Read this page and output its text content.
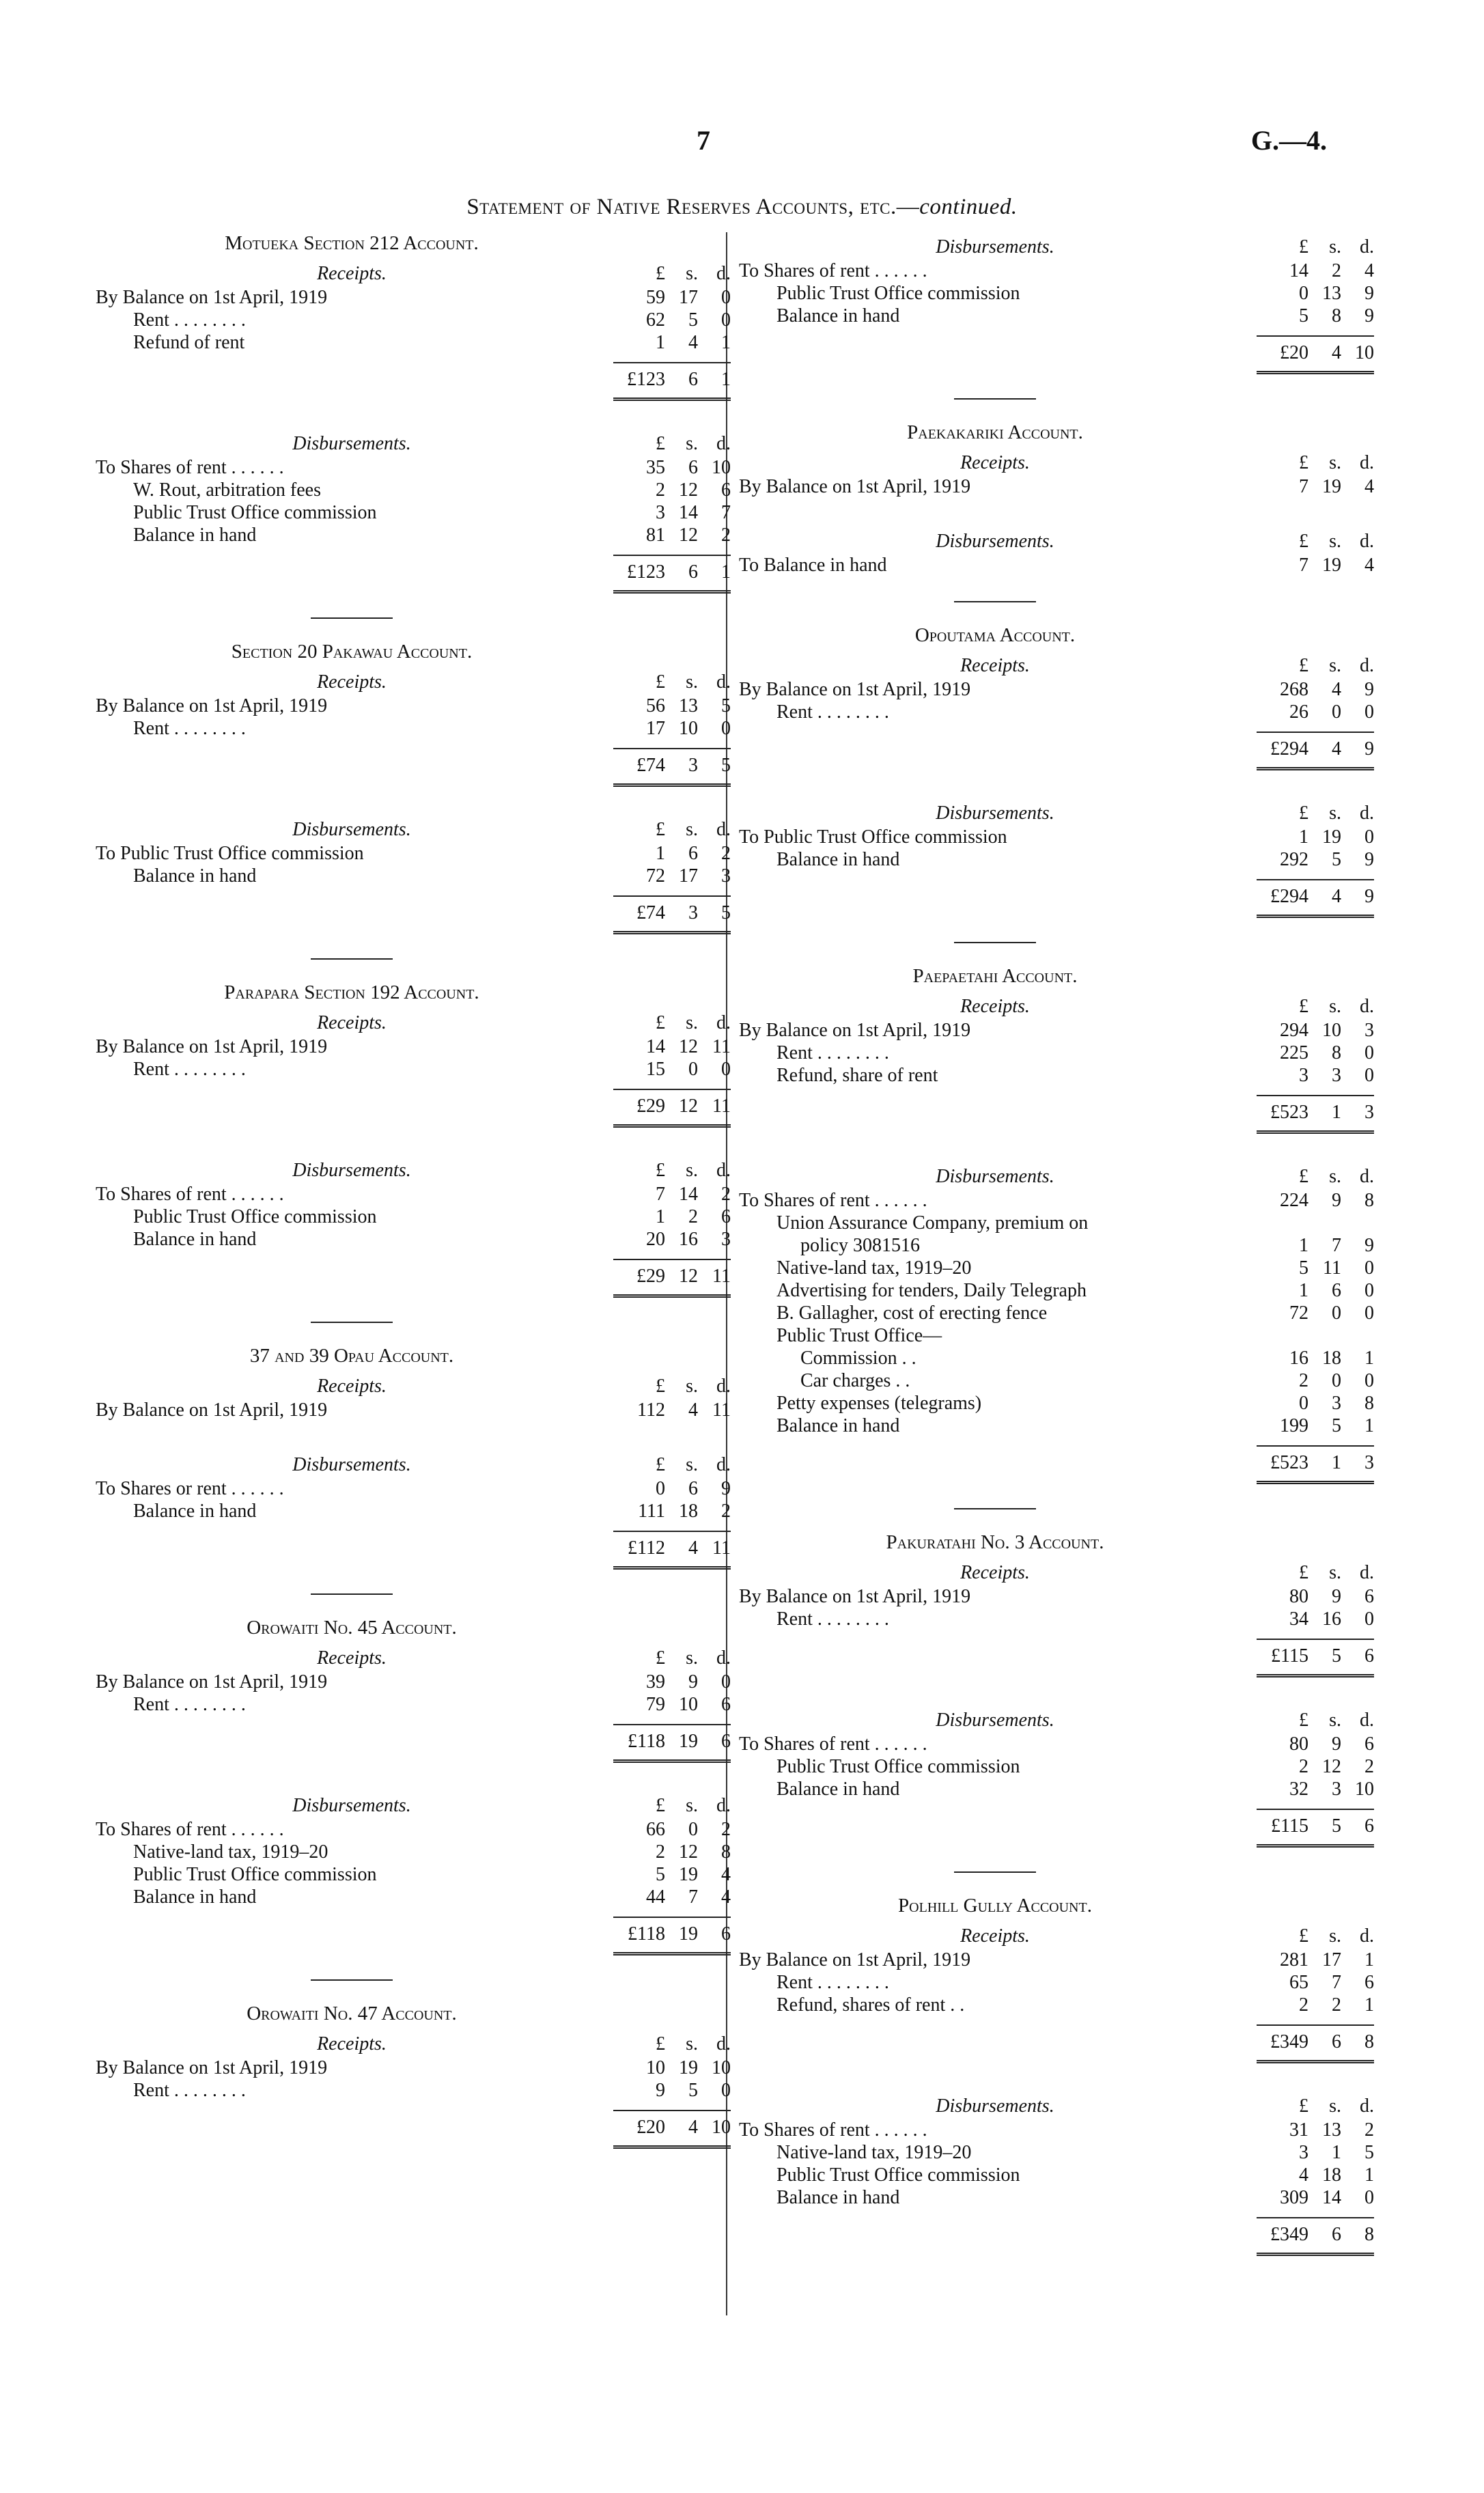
7	G.—4.
Statement of Native Reserves Accounts, etc.—continued.
Motueka Section 212 Account.
Receipts.	£ s. d.
By Balance on 1st April, 1919	59 17 0
Rent . . . . . . . .	62 5 0
Refund of rent	1 4 1
£123 6 1
Disbursements.	£ s. d.
To Shares of rent . . . . . .	35 6 10
W. Rout, arbitration fees	2 12 6
Public Trust Office commission	3 14 7
Balance in hand	81 12 2
£123 6 1
Section 20 Pakawau Account.
Receipts.	£ s. d.
By Balance on 1st April, 1919	56 13 5
Rent . . . . . . . .	17 10 0
£74 3 5
Disbursements.	£ s. d.
To Public Trust Office commission	1 6 2
Balance in hand	72 17 3
£74 3 5
Parapara Section 192 Account.
Receipts.	£ s. d.
By Balance on 1st April, 1919	14 12 11
Rent . . . . . . . .	15 0 0
£29 12 11
Disbursements.	£ s. d.
To Shares of rent . . . . . .	7 14 2
Public Trust Office commission	1 2 6
Balance in hand	20 16 3
£29 12 11
37 and 39 Opau Account.
Receipts.	£ s. d.
By Balance on 1st April, 1919	112 4 11
Disbursements.	£ s. d.
To Shares or rent . . . . . .	0 6 9
Balance in hand	111 18 2
£112 4 11
Orowaiti No. 45 Account.
Receipts.	£ s. d.
By Balance on 1st April, 1919	39 9 0
Rent . . . . . . . .	79 10 6
£118 19 6
Disbursements.	£ s. d.
To Shares of rent . . . . . .	66 0 2
Native-land tax, 1919–20	2 12 8
Public Trust Office commission	5 19 4
Balance in hand	44 7 4
£118 19 6
Orowaiti No. 47 Account.
Receipts.	£ s. d.
By Balance on 1st April, 1919	10 19 10
Rent . . . . . . . .	9 5 0
£20 4 10
Disbursements.	£ s. d.
To Shares of rent . . . . . .	14 2 4
Public Trust Office commission	0 13 9
Balance in hand	5 8 9
£20 4 10
Paekakariki Account.
Receipts.	£ s. d.
By Balance on 1st April, 1919	7 19 4
Disbursements.	£ s. d.
To Balance in hand	7 19 4
Opoutama Account.
Receipts.	£ s. d.
By Balance on 1st April, 1919	268 4 9
Rent . . . . . . . .	26 0 0
£294 4 9
Disbursements.	£ s. d.
To Public Trust Office commission	1 19 0
Balance in hand	292 5 9
£294 4 9
Paepaetahi Account.
Receipts.	£ s. d.
By Balance on 1st April, 1919	294 10 3
Rent . . . . . . . .	225 8 0
Refund, share of rent	3 3 0
£523 1 3
Disbursements.	£ s. d.
To Shares of rent . . . . . .	224 9 8
Union Assurance Company, premium on
policy 3081516	1 7 9
Native-land tax, 1919–20	5 11 0
Advertising for tenders, Daily Telegraph	1 6 0
B. Gallagher, cost of erecting fence	72 0 0
Public Trust Office—
Commission . .	16 18 1
Car charges . .	2 0 0
Petty expenses (telegrams)	0 3 8
Balance in hand	199 5 1
£523 1 3
Pakuratahi No. 3 Account.
Receipts.	£ s. d.
By Balance on 1st April, 1919	80 9 6
Rent . . . . . . . .	34 16 0
£115 5 6
Disbursements.	£ s. d.
To Shares of rent . . . . . .	80 9 6
Public Trust Office commission	2 12 2
Balance in hand	32 3 10
£115 5 6
Polhill Gully Account.
Receipts.	£ s. d.
By Balance on 1st April, 1919	281 17 1
Rent . . . . . . . .	65 7 6
Refund, shares of rent . .	2 2 1
£349 6 8
Disbursements.	£ s. d.
To Shares of rent . . . . . .	31 13 2
Native-land tax, 1919–20	3 1 5
Public Trust Office commission	4 18 1
Balance in hand	309 14 0
£349 6 8
